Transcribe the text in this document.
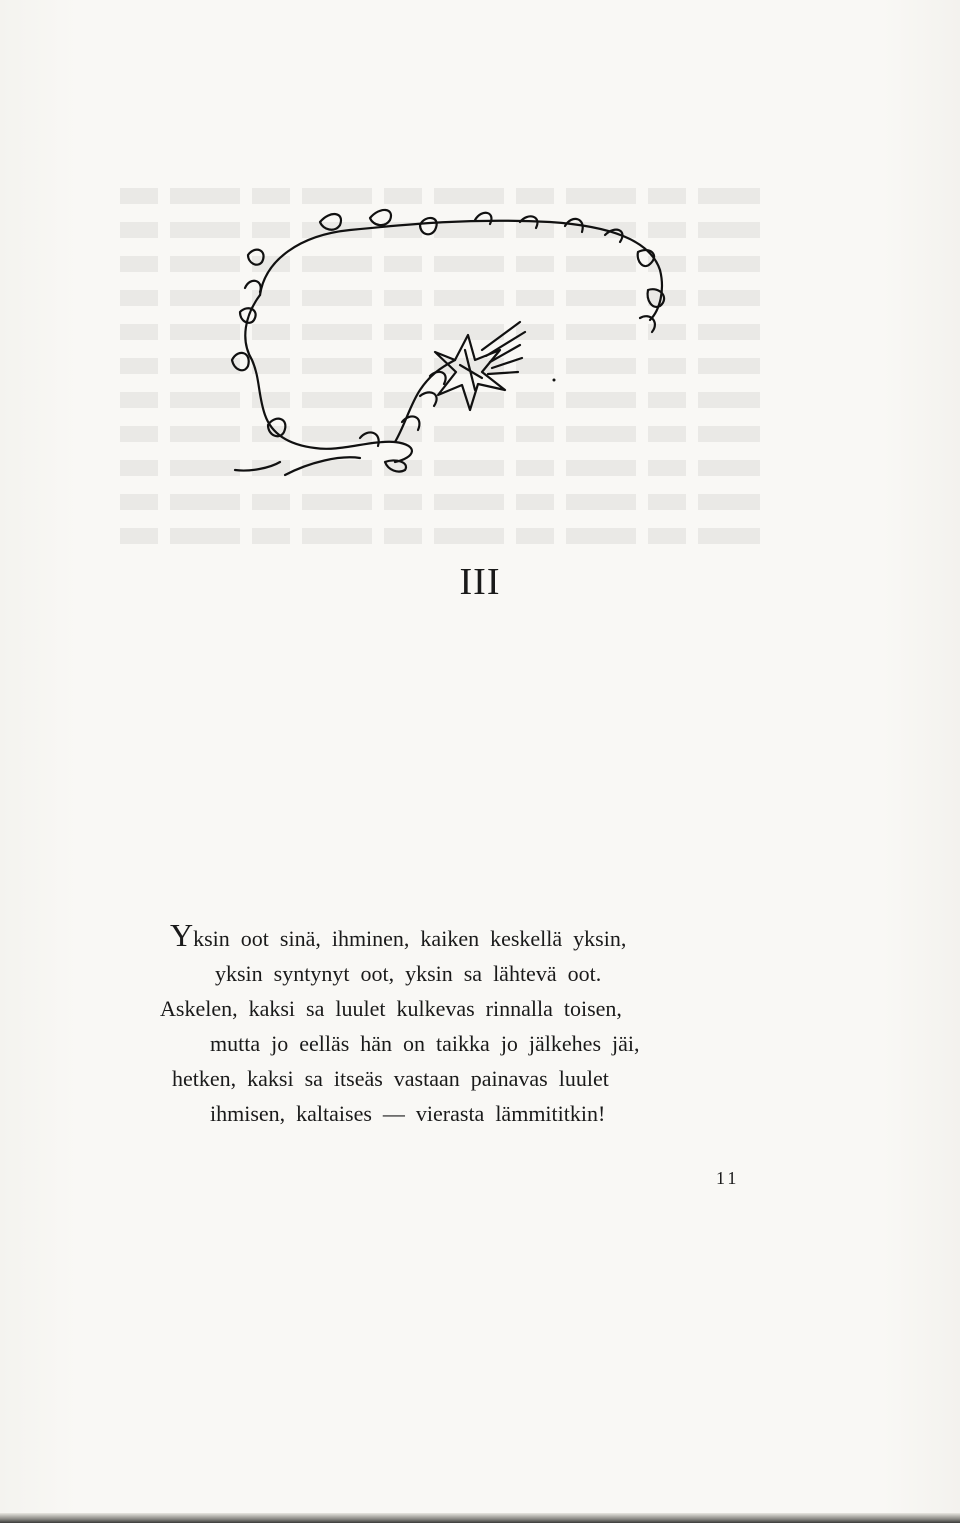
III
Yksin  oot  sinä,  ihminen,  kaiken  keskellä  yksin,
yksin  syntynyt  oot,  yksin  sa  lähtevä  oot.
Askelen,  kaksi  sa  luulet  kulkevas  rinnalla  toisen,
mutta  jo  eelläs  hän  on  taikka  jo  jälkehes  jäi,
hetken,  kaksi  sa  itseäs  vastaan  painavas  luulet
ihmisen,  kaltaises  —  vierasta  lämmititkin!
11
